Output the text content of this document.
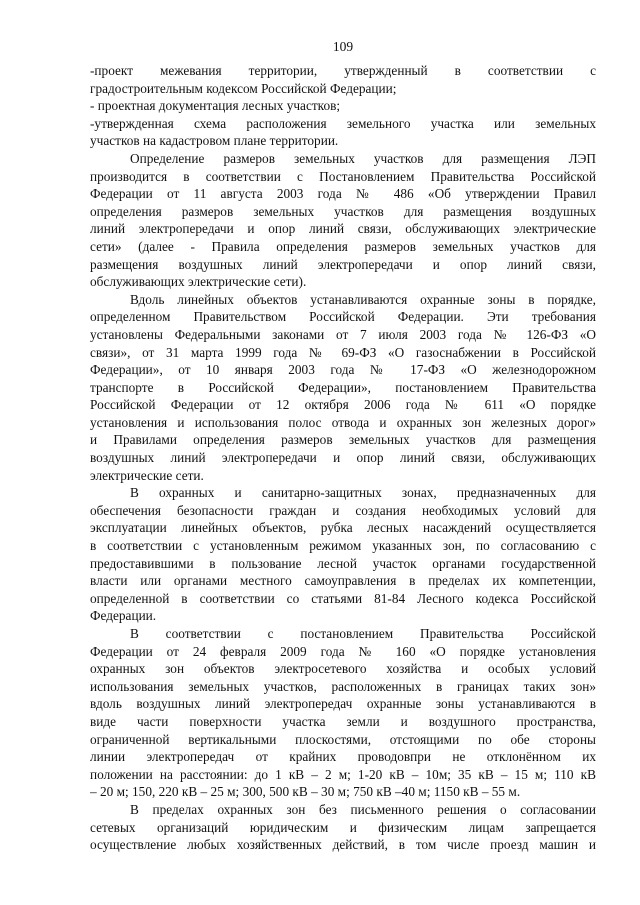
109

-проект межевания территории, утвержденный в соответствии с
градостроительным кодексом Российской Федерации;

- проектная документация лесных участков;

-утвержденная схема расположения земельного участка или земельных
участков на кадастровом плане территории.

Определение размеров земельных участков для размещения ЛЭП
производится в соответствии с Постановлением Правительства Российской
Федерации от 11 августа 2003 года № 486 «Об утверждении Правил
определения размеров земельных участков для размещения воздушных
линий электропередачи и опор линий связи, обслуживающих электрические
сети» (далее - Правила определения размеров земельных участков для
размещения воздушных линий электропередачи и опор линий связи,
обслуживающих электрические сети).

Вдоль линейных объектов устанавливаются охранные зоны в порядке,
определенном Правительством Российской Федерации. Эти требования
установлены Федеральными законами от 7 июля 2003 года № 126-ФЗ «О
связи», от 31 марта 1999 года № 69-ФЗ «О газоснабжении в Российской
Федерации», от 10 января 2003 года № 17-ФЗ «О железнодорожном
транспорте в Российской Федерации», постановлением Правительства
Российской Федерации от 12 октября 2006 года № 611 «О порядке
установления и использования полос отвода и охранных зон железных дорог»
и Правилами определения размеров земельных участков для размещения
воздушных линий электропередачи и опор линий связи, обслуживающих
электрические сети.

В охранных и санитарно-защитных зонах, предназначенных для
обеспечения безопасности граждан и создания необходимых условий для
эксплуатации линейных объектов, рубка лесных насаждений осуществляется
в соответствии с установленным режимом указанных зон, по согласованию с
предоставившими в пользование лесной участок органами государственной
власти или органами местного самоуправления в пределах их компетенции,
определенной в соответствии со статьями 81-84 Лесного кодекса Российской
Федерации.

В соответствии с постановлением Правительства Российской
Федерации от 24 февраля 2009 года № 160 «О порядке установления
охранных зон объектов электросетевого хозяйства и особых условий
использования земельных участков, расположенных в границах таких зон»
вдоль воздушных линий электропередач охранные зоны устанавливаются в
виде части поверхности участка земли и воздушного пространства,
ограниченной вертикальными плоскостями, отстоящими по обе стороны
линии электропередач от крайних проводовпри не отклонённом их
положении на расстоянии: до 1 кВ – 2 м; 1-20 кВ – 10м; 35 кВ – 15 м; 110 кВ
– 20 м; 150, 220 кВ – 25 м; 300, 500 кВ – 30 м; 750 кВ –40 м; 1150 кВ – 55 м.

В пределах охранных зон без письменного решения о согласовании
сетевых организаций юридическим и физическим лицам запрещается
осуществление любых хозяйственных действий, в том числе проезд машин и
